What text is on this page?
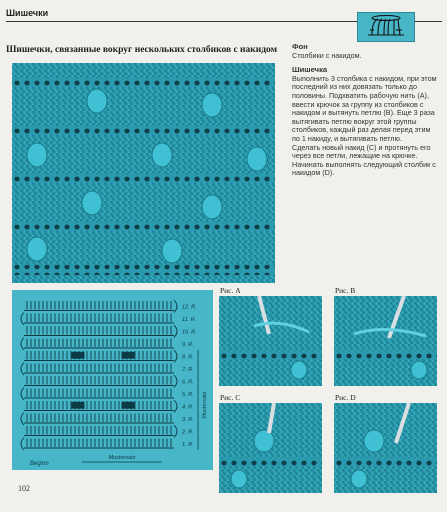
Шишечки
Шишечки, связанные вокруг нескольких столбиков с накидом Фон

Столбики с накидом.

Шишечка

Выполнить 3 столбика с накидом, при этом последний из них довязать только до половины. Подхватить рабочую нить (A),

ввести крючок за группу из столбиков с накидом и вытянуть петлю (B). Еще 3 раза вытягивать петлю вокруг этой группы столбиков, каждый раз делая перед этим по 1 накиду, и вытягивать петлю.

Сделать новый накид (C) и протянуть его через все петли, лежащие на крючке. Начинать выполнять следующий столбик с накидом (D).

12. R.
11. R.
10. R.
9. R.
8. R.
7. R.
6. R.
5. R.
4. R.
3. R.
2. R.
1. R.
Mustersatz
Mustersatz
Beginn
Рис. A	Рис. B
Рис. C	Рис. D
102
